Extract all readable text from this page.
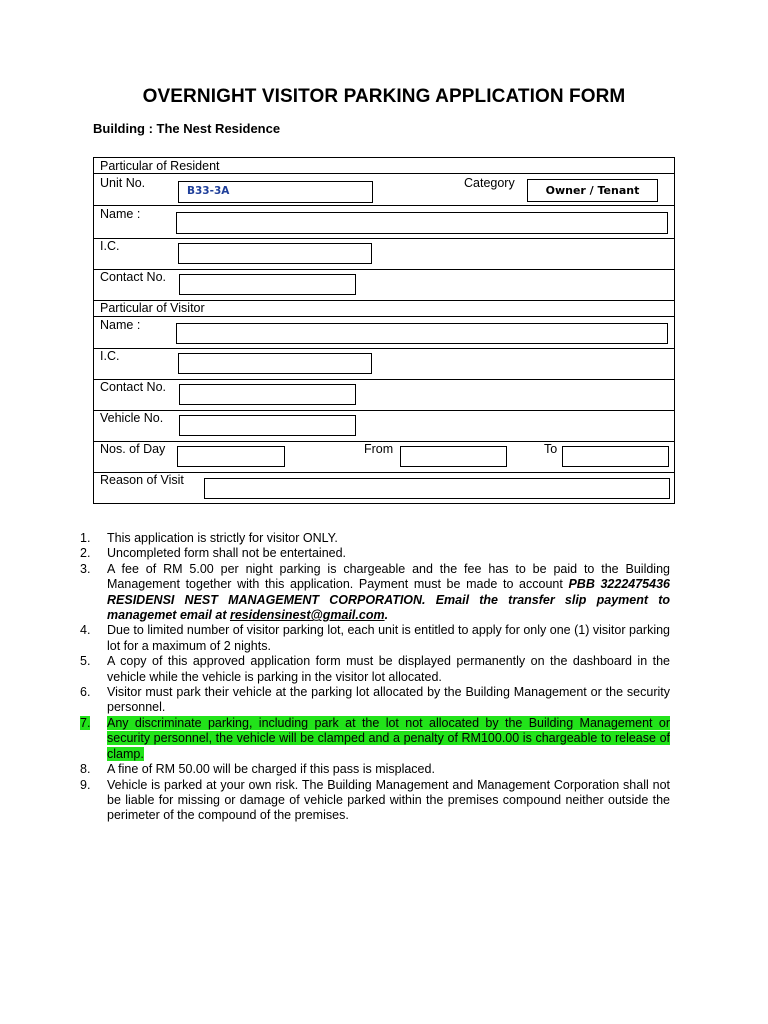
OVERNIGHT VISITOR PARKING APPLICATION FORM
Building : The Nest Residence
Particular of Resident
Unit No.
B33-3A
Category
Owner / Tenant
Name :
I.C.
Contact No.
Particular of Visitor
Name :
I.C.
Contact No.
Vehicle No.
Nos. of Day	From	To
Reason of Visit
1.	This application is strictly for visitor ONLY.
2.	Uncompleted form shall not be entertained.
3.	A fee of RM 5.00 per night parking is chargeable and the fee has to be paid to the Building Management together with this application. Payment must be made to account PBB 3222475436 RESIDENSI NEST MANAGEMENT CORPORATION. Email the transfer slip payment to managemet email at residensinest@gmail.com.
4.	Due to limited number of visitor parking lot, each unit is entitled to apply for only one (1) visitor parking lot for a maximum of 2 nights.
5.	A copy of this approved application form must be displayed permanently on the dashboard in the vehicle while the vehicle is parking in the visitor lot allocated.
6.	Visitor must park their vehicle at the parking lot allocated by the Building Management or the security personnel.
7.	Any discriminate parking, including park at the lot not allocated by the Building Management or security personnel, the vehicle will be clamped and a penalty of RM100.00 is chargeable to release of clamp.
8.	A fine of RM 50.00 will be charged if this pass is misplaced.
9.	Vehicle is parked at your own risk. The Building Management and Management Corporation shall not be liable for missing or damage of vehicle parked within the premises compound neither outside the perimeter of the compound of the premises.
